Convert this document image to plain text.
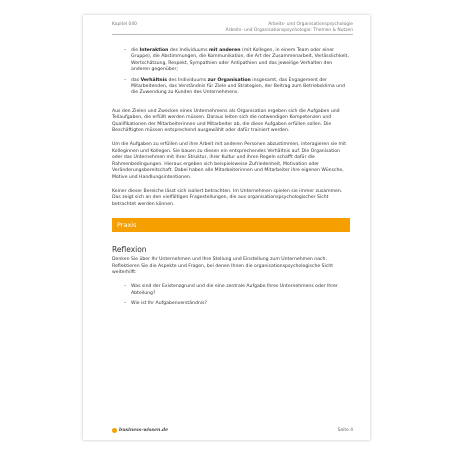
Kapitel 040	Arbeits- und Organisationspsychologie
Arbeits- und Organisationspsychologie: Themen & Nutzen
– die Interaktion des Individuums mit anderen (mit Kollegen, in einem Team oder einer Gruppe), die Abstimmungen, die Kommunikation, die Art der Zusammenarbeit, Verlässlichkeit, Wertschätzung, Respekt, Sympathien oder Antipathien und das jeweilige Verhalten den anderen gegenüber;
– das Verhältnis des Individuums zur Organisation insgesamt, das Engagement der Mitarbeitenden, das Verständnis für Ziele und Strategien, der Beitrag zum Betriebsklima und die Zuwendung zu Kunden des Unternehmens.

Aus den Zielen und Zwecken eines Unternehmens als Organisation ergeben sich die Aufgaben und Teilaufgaben, die erfüllt werden müssen. Daraus leiten sich die notwendigen Kompetenzen und Qualifikationen der Mitarbeiterinnen und Mitarbeiter ab, die diese Aufgaben erfüllen sollen. Die Beschäftigten müssen entsprechend ausgewählt oder dafür trainiert werden.

Um die Aufgaben zu erfüllen und ihre Arbeit mit anderen Personen abzustimmen, interagieren sie mit Kolleginnen und Kollegen. Sie bauen zu diesen ein entsprechendes Verhältnis auf. Die Organisation oder das Unternehmen mit ihrer Struktur, ihrer Kultur und ihren Regeln schafft dafür die Rahmenbedingungen. Hieraus ergeben sich beispielsweise Zufriedenheit, Motivation oder Veränderungsbereitschaft. Dabei haben alle Mitarbeiterinnen und Mitarbeiter ihre eigenen Wünsche, Motive und Handlungsintentionen.

Keiner dieser Bereiche lässt sich isoliert betrachten. Im Unternehmen spielen sie immer zusammen. Das zeigt sich an den vielfältigen Fragestellungen, die aus organisationspsychologischer Sicht betrachtet werden können.

Praxis
Reflexion

Denken Sie über Ihr Unternehmen und Ihre Stellung und Einstellung zum Unternehmen nach. Reflektieren Sie die Aspekte und Fragen, bei denen Ihnen die organisationspsychologische Sicht weiterhilft:

– Was sind der Existenzgrund und die eine zentrale Aufgabe Ihres Unternehmens oder Ihrer Abteilung?
– Wie ist Ihr Aufgabenverständnis?
business-wissen.de	Seite 4
